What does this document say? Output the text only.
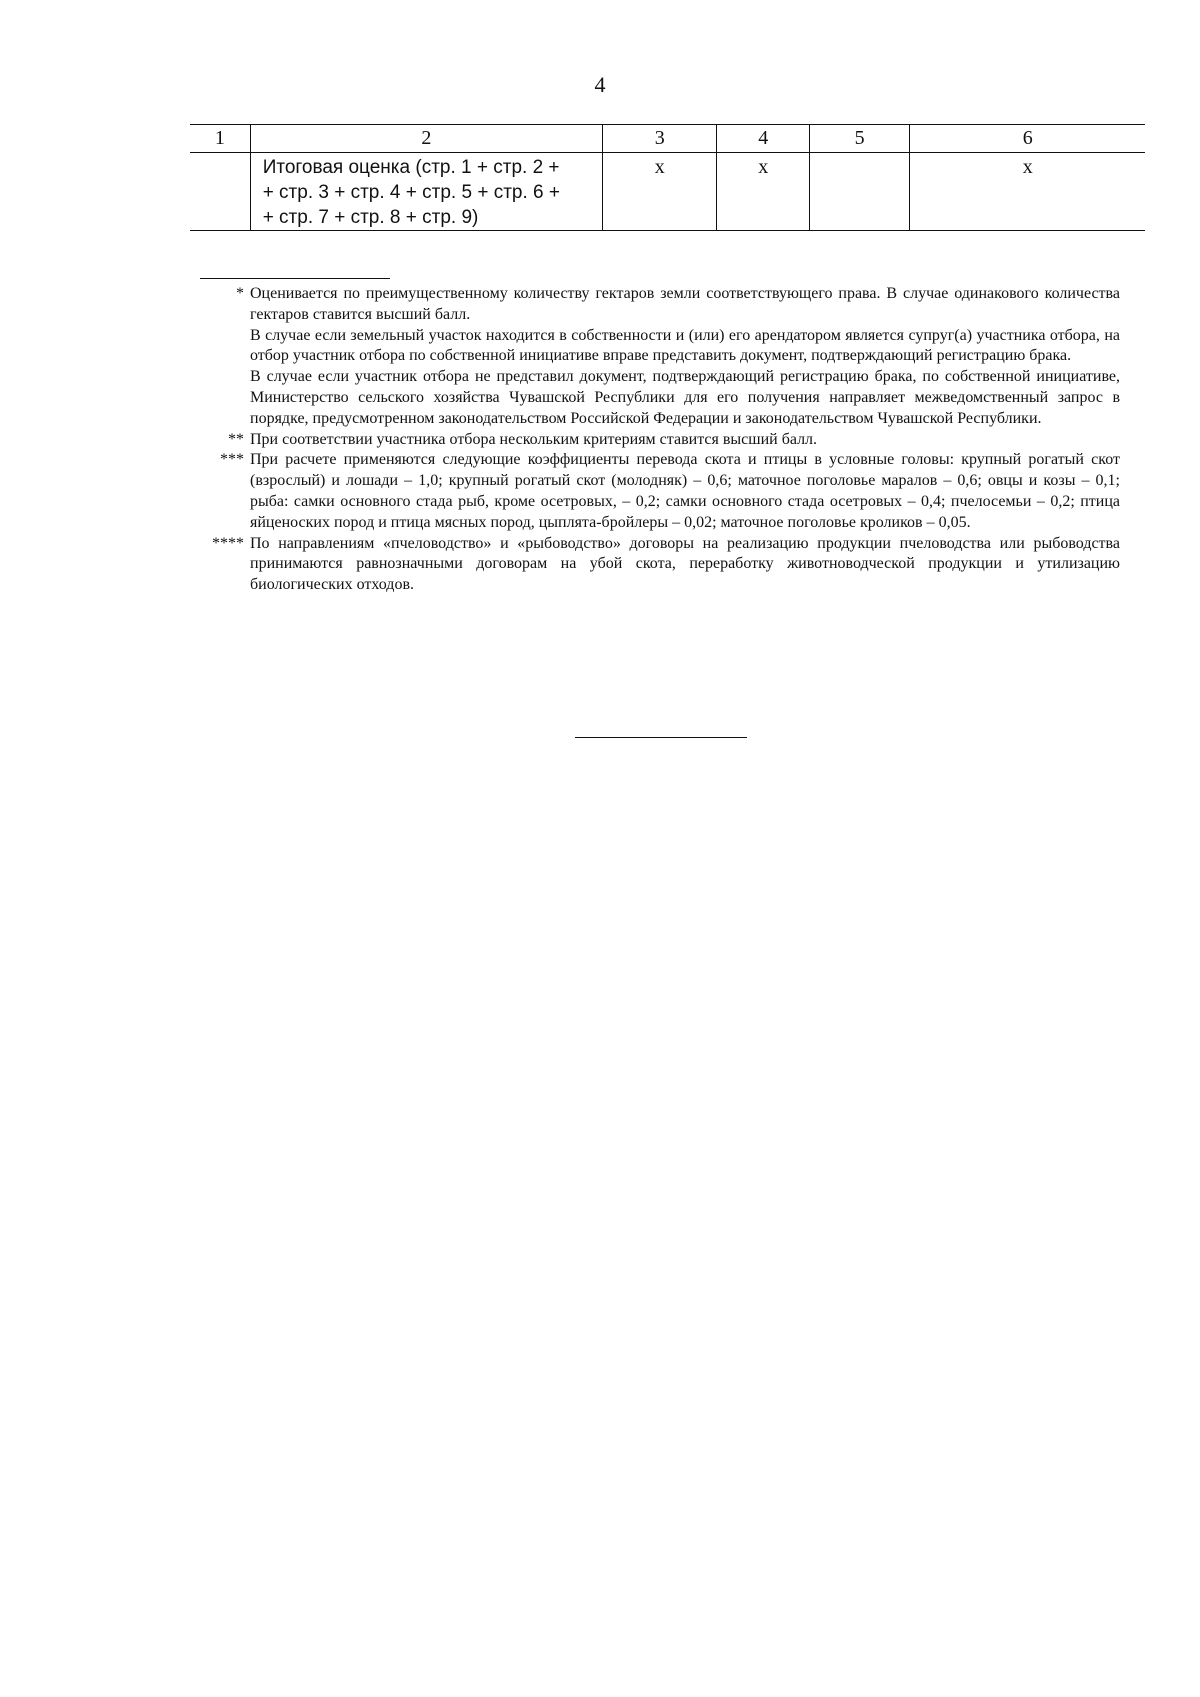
4
1	2	3	4	5	6

	Итоговая оценка (стр. 1 + стр. 2 +
+ стр. 3 + стр. 4 + стр. 5 + стр. 6 +
+ стр. 7 + стр. 8 + стр. 9)	x	x		x
* Оценивается по преимущественному количеству гектаров земли соответствующего права. В случае одинакового количества гектаров ставится высший балл.

В случае если земельный участок находится в собственности и (или) его арендатором является супруг(а) участника отбора, на отбор участник отбора по собственной инициативе вправе представить документ, подтверждающий регистрацию брака.

В случае если участник отбора не представил документ, подтверждающий регистрацию брака, по собственной инициативе, Министерство сельского хозяйства Чувашской Республики для его получения направляет межведомственный запрос в порядке, предусмотренном законодательством Российской Федерации и законодательством Чувашской Республики.

** При соответствии участника отбора нескольким критериям ставится высший балл.

*** При расчете применяются следующие коэффициенты перевода скота и птицы в условные головы: крупный рогатый скот (взрослый) и лошади – 1,0; крупный рогатый скот (молодняк) – 0,6; маточное поголовье маралов – 0,6; овцы и козы – 0,1; рыба: самки основного стада рыб, кроме осетровых, – 0,2; самки основного стада осетровых – 0,4; пчелосемьи – 0,2; птица яйценоских пород и птица мясных пород, цыплята-бройлеры – 0,02; маточное поголовье кроликов – 0,05.

**** По направлениям «пчеловодство» и «рыбоводство» договоры на реализацию продукции пчеловодства или рыбоводства принимаются равнозначными договорам на убой скота, переработку животноводческой продукции и утилизацию биологических отходов.
